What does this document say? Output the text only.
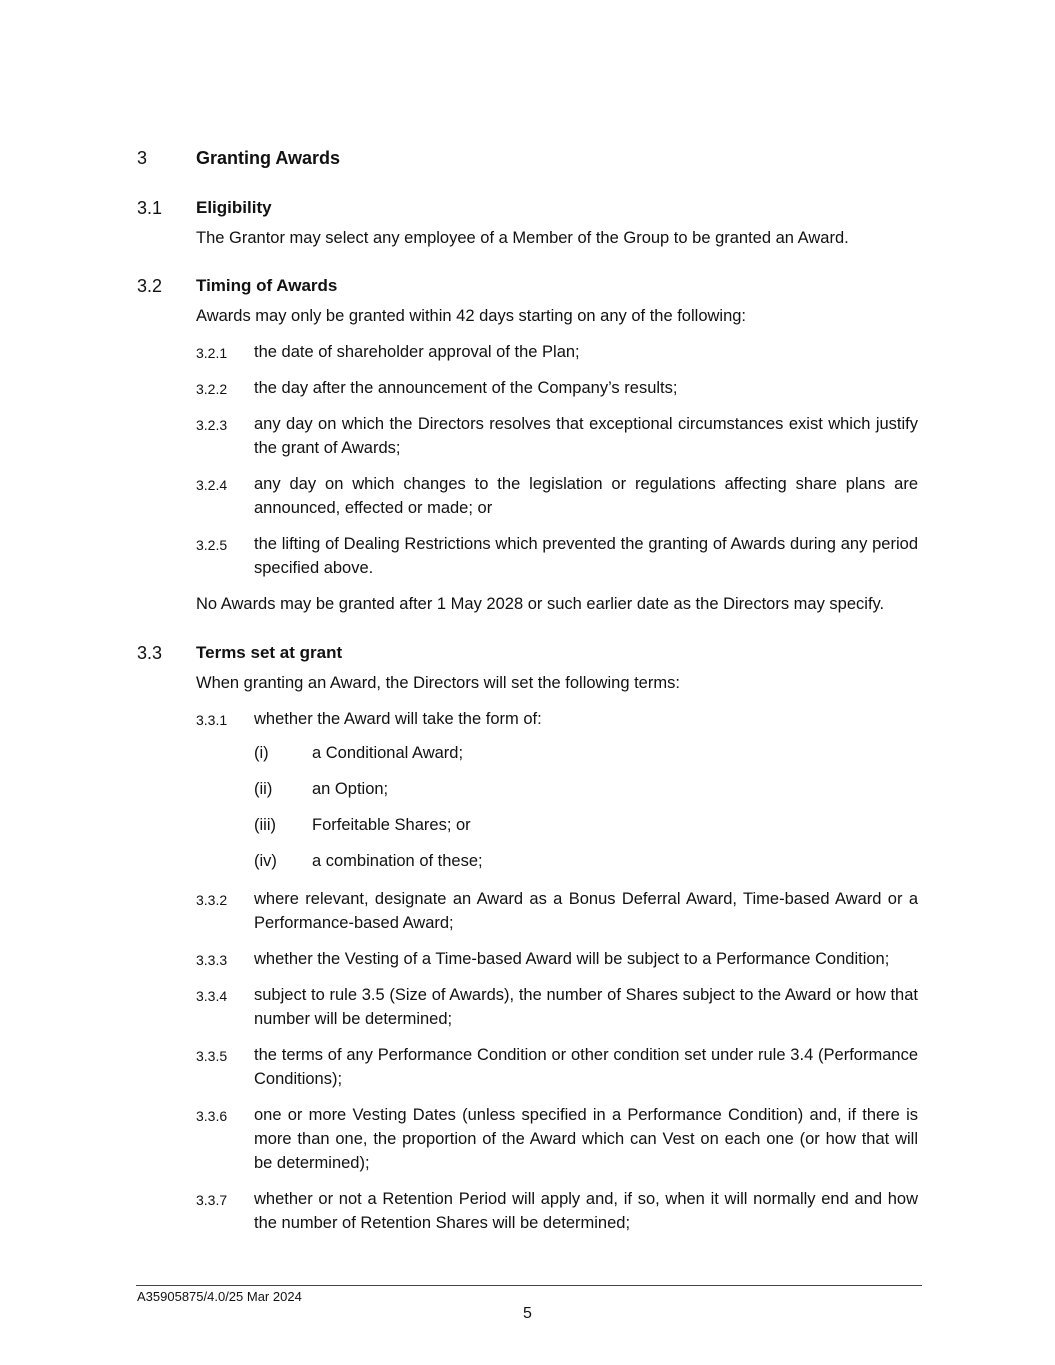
3	Granting Awards
3.1 Eligibility
The Grantor may select any employee of a Member of the Group to be granted an Award.
3.2 Timing of Awards
Awards may only be granted within 42 days starting on any of the following:
3.2.1 the date of shareholder approval of the Plan;
3.2.2 the day after the announcement of the Company’s results;
3.2.3 any day on which the Directors resolves that exceptional circumstances exist which justify the grant of Awards;
3.2.4 any day on which changes to the legislation or regulations affecting share plans are announced, effected or made; or
3.2.5 the lifting of Dealing Restrictions which prevented the granting of Awards during any period specified above.
No Awards may be granted after 1 May 2028 or such earlier date as the Directors may specify.
3.3 Terms set at grant
When granting an Award, the Directors will set the following terms:
3.3.1 whether the Award will take the form of:
(i)	a Conditional Award;
(ii) an Option;
(iii) Forfeitable Shares; or
(iv) a combination of these;
3.3.2 where relevant, designate an Award as a Bonus Deferral Award, Time-based Award or a Performance-based Award;
3.3.3 whether the Vesting of a Time-based Award will be subject to a Performance Condition;
3.3.4 subject to rule 3.5 (Size of Awards), the number of Shares subject to the Award or how that number will be determined;
3.3.5 the terms of any Performance Condition or other condition set under rule 3.4 (Performance Conditions);
3.3.6 one or more Vesting Dates (unless specified in a Performance Condition) and, if there is more than one, the proportion of the Award which can Vest on each one (or how that will be determined);
3.3.7 whether or not a Retention Period will apply and, if so, when it will normally end and how the number of Retention Shares will be determined;
A35905875/4.0/25 Mar 2024
5
